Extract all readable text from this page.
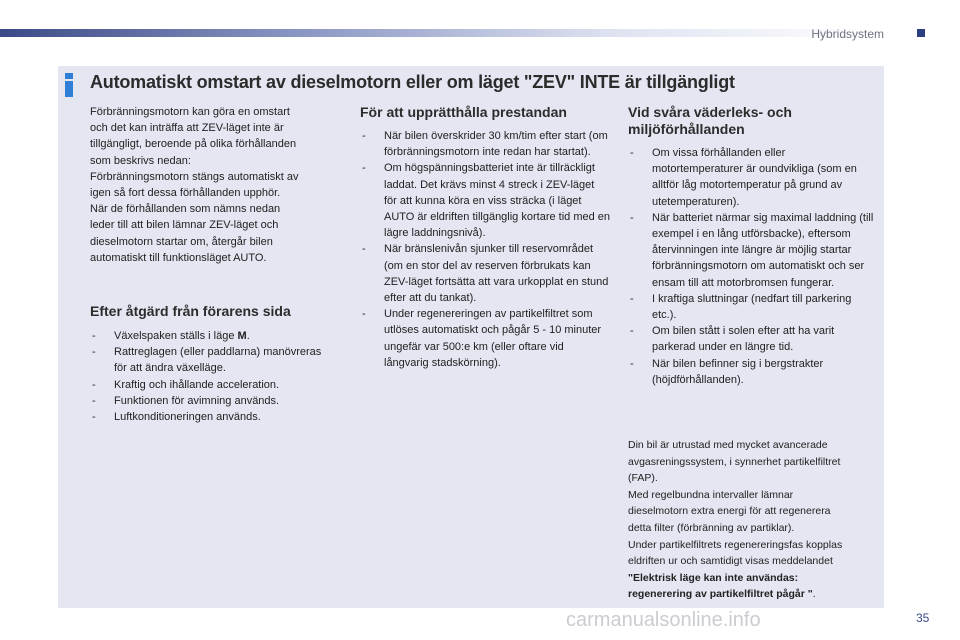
Hybridsystem
Automatiskt omstart av dieselmotorn eller om läget "ZEV" INTE är tillgängligt

Förbränningsmotorn kan göra en omstart

och det kan inträffa att ZEV-läget inte är

tillgängligt, beroende på olika förhållanden

som beskrivs nedan:

Förbränningsmotorn stängs automatiskt av

igen så fort dessa förhållanden upphör.

När de förhållanden som nämns nedan

leder till att bilen lämnar ZEV-läget och

dieselmotorn startar om, återgår bilen

automatiskt till funktionsläget AUTO.

Efter åtgärd från förarens sida
- Växelspaken ställs i läge M.
- Rattreglagen (eller paddlarna) manövreras för att ändra växelläge.
- Kraftig och ihållande acceleration.
- Funktionen för avimning används.
- Luftkonditioneringen används.
För att upprätthålla prestandan
- När bilen överskrider 30 km/tim efter start (om förbränningsmotorn inte redan har startat).
- Om högspänningsbatteriet inte är tillräckligt laddat. Det krävs minst 4 streck i ZEV-läget för att kunna köra en viss sträcka (i läget AUTO är eldriften tillgänglig kortare tid med en lägre laddningsnivå).
- När bränslenivån sjunker till reservområdet (om en stor del av reserven förbrukats kan ZEV-läget fortsätta att vara urkopplat en stund efter att du tankat).
- Under regenereringen av partikelfiltret som utlöses automatiskt och pågår 5 - 10 minuter ungefär var 500:e km (eller oftare vid långvarig stadskörning).
Vid svåra väderleks- och
miljöförhållanden
- Om vissa förhållanden eller motortemperaturer är oundvikliga (som en alltför låg motortemperatur på grund av utetemperaturen).
- När batteriet närmar sig maximal laddning (till exempel i en lång utförsbacke), eftersom återvinningen inte längre är möjlig startar förbränningsmotorn om automatiskt och ser ensam till att motorbromsen fungerar.
- I kraftiga sluttningar (nedfart till parkering etc.).
- Om bilen stått i solen efter att ha varit parkerad under en längre tid.
- När bilen befinner sig i bergstrakter (höjdförhållanden).

Din bil är utrustad med mycket avancerade

avgasreningssystem, i synnerhet partikelfiltret

(FAP).

Med regelbundna intervaller lämnar

dieselmotorn extra energi för att regenerera

detta filter (förbränning av partiklar).

Under partikelfiltrets regenereringsfas kopplas

eldriften ur och samtidigt visas meddelandet

"Elektrisk läge kan inte användas:

regenerering av partikelfiltret pågår ".

carmanualsonline.info	35
